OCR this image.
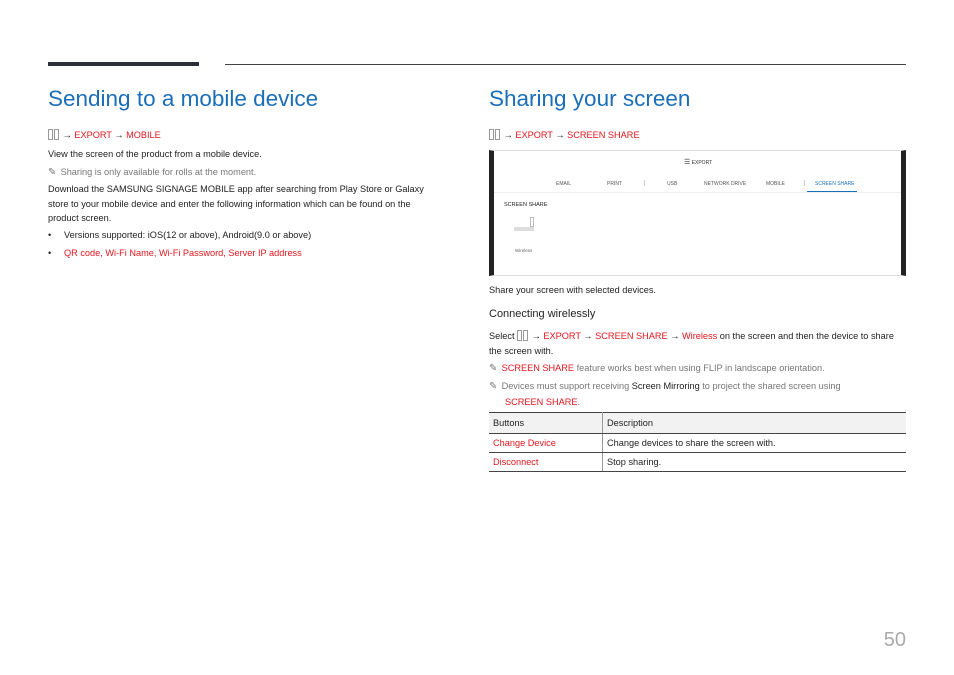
Sending to a mobile device
→ EXPORT → MOBILE
View the screen of the product from a mobile device.
✎ Sharing is only available for rolls at the moment.
Download the SAMSUNG SIGNAGE MOBILE app after searching from Play Store or Galaxy
store to your mobile device and enter the following information which can be found on the
product screen.
• Versions supported: iOS(12 or above), Android(9.0 or above)
• QR code, Wi-Fi Name, Wi-Fi Password, Server IP address
Sharing your screen
→ EXPORT → SCREEN SHARE
☰ EXPORT
EMAIL	PRINT	USB	NETWORK DRIVE	MOBILE	SCREEN SHARE
SCREEN SHARE
Wireless
Share your screen with selected devices.
Connecting wirelessly
Select  → EXPORT → SCREEN SHARE → Wireless on the screen and then the device to share
the screen with.
✎ SCREEN SHARE feature works best when using FLIP in landscape orientation.
✎ Devices must support receiving Screen Mirroring to project the shared screen using
SCREEN SHARE.
Buttons	Description
Change Device	Change devices to share the screen with.
Disconnect	Stop sharing.
50
